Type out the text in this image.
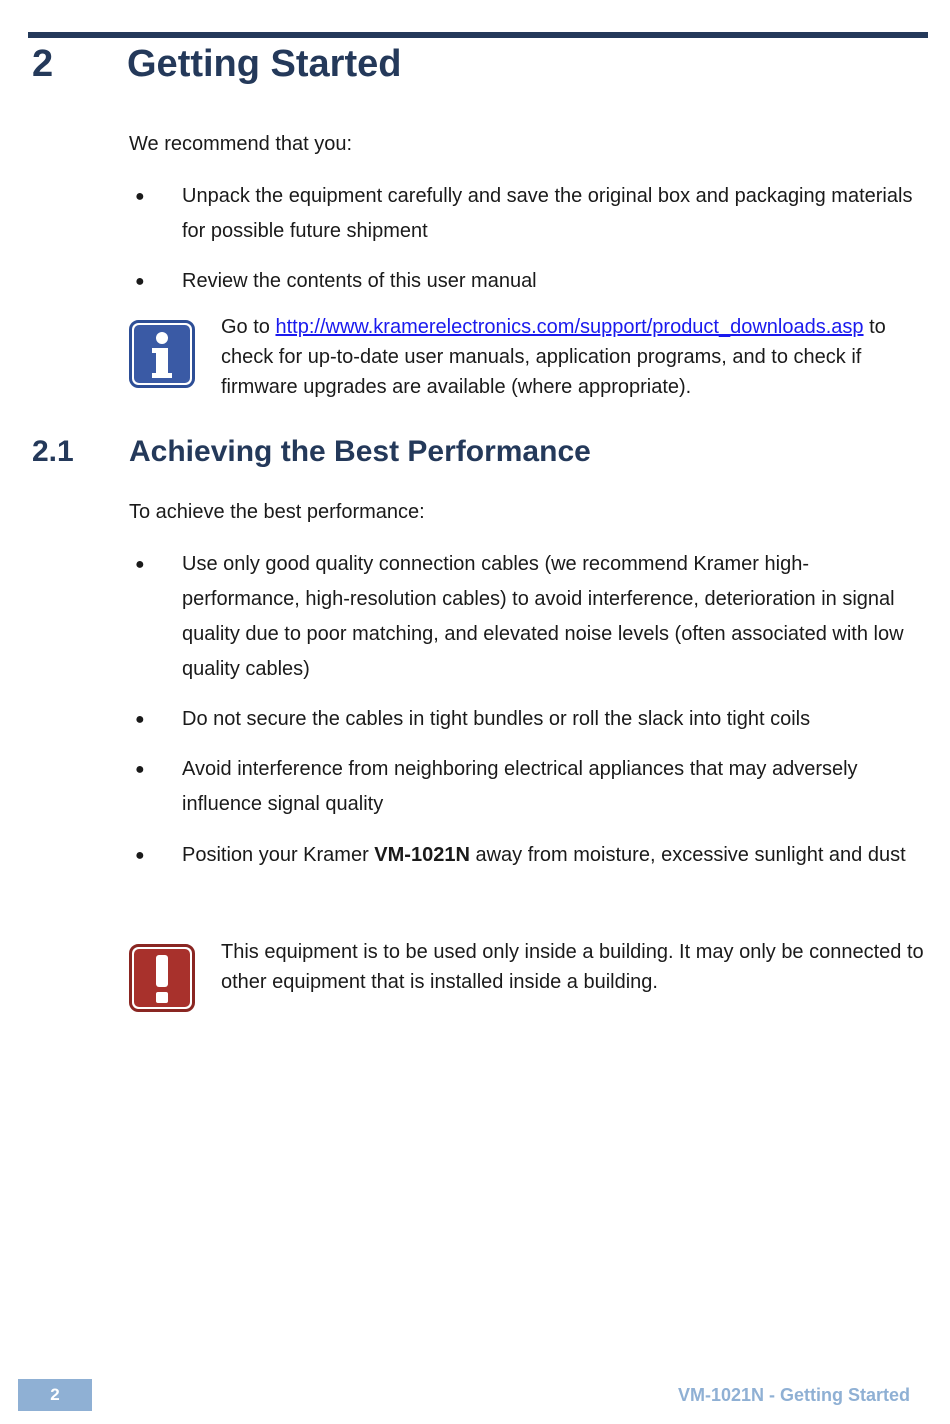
2 Getting Started

We recommend that you:

● Unpack the equipment carefully and save the original box and packaging materials for possible future shipment
● Review the contents of this user manual
Go to http://www.kramerelectronics.com/support/product_downloads.asp to check for up-to-date user manuals, application programs, and to check if firmware upgrades are available (where appropriate).
2.1 Achieving the Best Performance

To achieve the best performance:

● Use only good quality connection cables (we recommend Kramer high-performance, high-resolution cables) to avoid interference, deterioration in signal quality due to poor matching, and elevated noise levels (often associated with low quality cables)
● Do not secure the cables in tight bundles or roll the slack into tight coils
● Avoid interference from neighboring electrical appliances that may adversely influence signal quality
● Position your Kramer VM-1021N away from moisture, excessive sunlight and dust
This equipment is to be used only inside a building. It may only be connected to other equipment that is installed inside a building.
2	VM-1021N - Getting Started
